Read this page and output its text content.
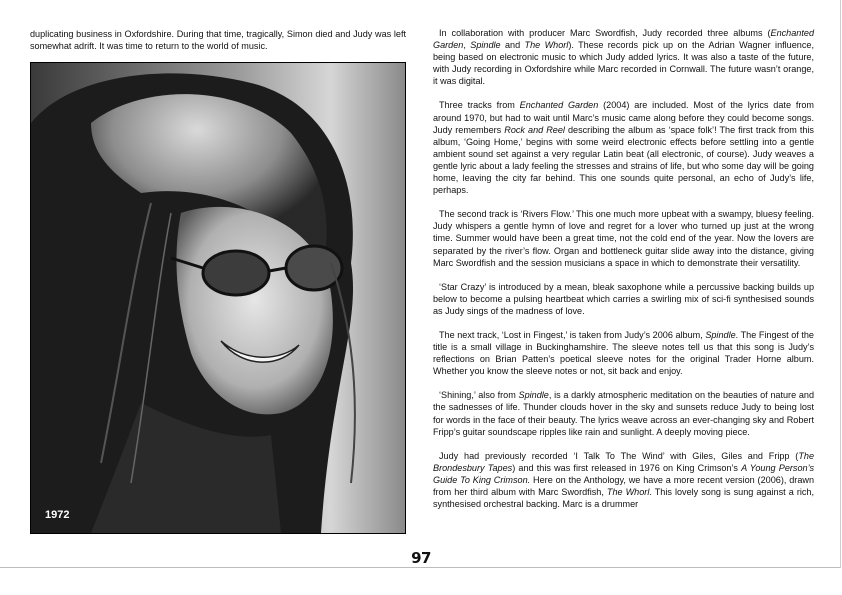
duplicating business in Oxfordshire. During that time, tragically, Simon died and Judy was left somewhat adrift. It was time to return to the world of music.

1972

In collaboration with producer Marc Swordfish, Judy recorded three albums (Enchanted Garden, Spindle and The Whorl). These records pick up on the Adrian Wagner influence, being based on electronic music to which Judy added lyrics. It was also a taste of the future, with Judy recording in Oxfordshire while Marc recorded in Cornwall. The future wasn’t orange, it was digital.

Three tracks from Enchanted Garden (2004) are included. Most of the lyrics date from around 1970, but had to wait until Marc’s music came along before they could become songs. Judy remembers Rock and Reel describing the album as ‘space folk’! The first track from this album, ‘Going Home,’ begins with some weird electronic effects before settling into a gentle ambient sound set against a very regular Latin beat (all electronic, of course). Judy weaves a gentle lyric about a lady feeling the stresses and strains of life, but who some day will be going home, leaving the city far behind. This one sounds quite personal, an echo of Judy’s life, perhaps.

The second track is ‘Rivers Flow.’ This one much more upbeat with a swampy, bluesy feeling. Judy whispers a gentle hymn of love and regret for a lover who turned up just at the wrong time. Summer would have been a great time, not the cold end of the year. Now the lovers are separated by the river’s flow. Organ and bottleneck guitar slide away into the distance, giving Marc Swordfish and the session musicians a space in which to demonstrate their versatility.

‘Star Crazy’ is introduced by a mean, bleak saxophone while a percussive backing builds up below to become a pulsing heartbeat which carries a swirling mix of sci-fi synthesised sounds as Judy sings of the madness of love.

The next track, ‘Lost in Fingest,’ is taken from Judy’s 2006 album, Spindle. The Fingest of the title is a small village in Buckinghamshire. The sleeve notes tell us that this song is Judy’s reflections on Brian Patten’s poetical sleeve notes for the original Trader Horne album. Whether you know the sleeve notes or not, sit back and enjoy.

‘Shining,’ also from Spindle, is a darkly atmospheric meditation on the beauties of nature and the sadnesses of life. Thunder clouds hover in the sky and sunsets reduce Judy to being lost for words in the face of their beauty. The lyrics weave across an ever-changing sky and Robert Fripp’s guitar soundscape ripples like rain and sunlight. A deeply moving piece.

Judy had previously recorded ‘I Talk To The Wind’ with Giles, Giles and Fripp (The Brondesbury Tapes) and this was first released in 1976 on King Crimson’s A Young Person’s Guide To King Crimson. Here on the Anthology, we have a more recent version (2006), drawn from her third album with Marc Swordfish, The Whorl. This lovely song is sung against a rich, synthesised orchestral backing. Marc is a drummer

97
